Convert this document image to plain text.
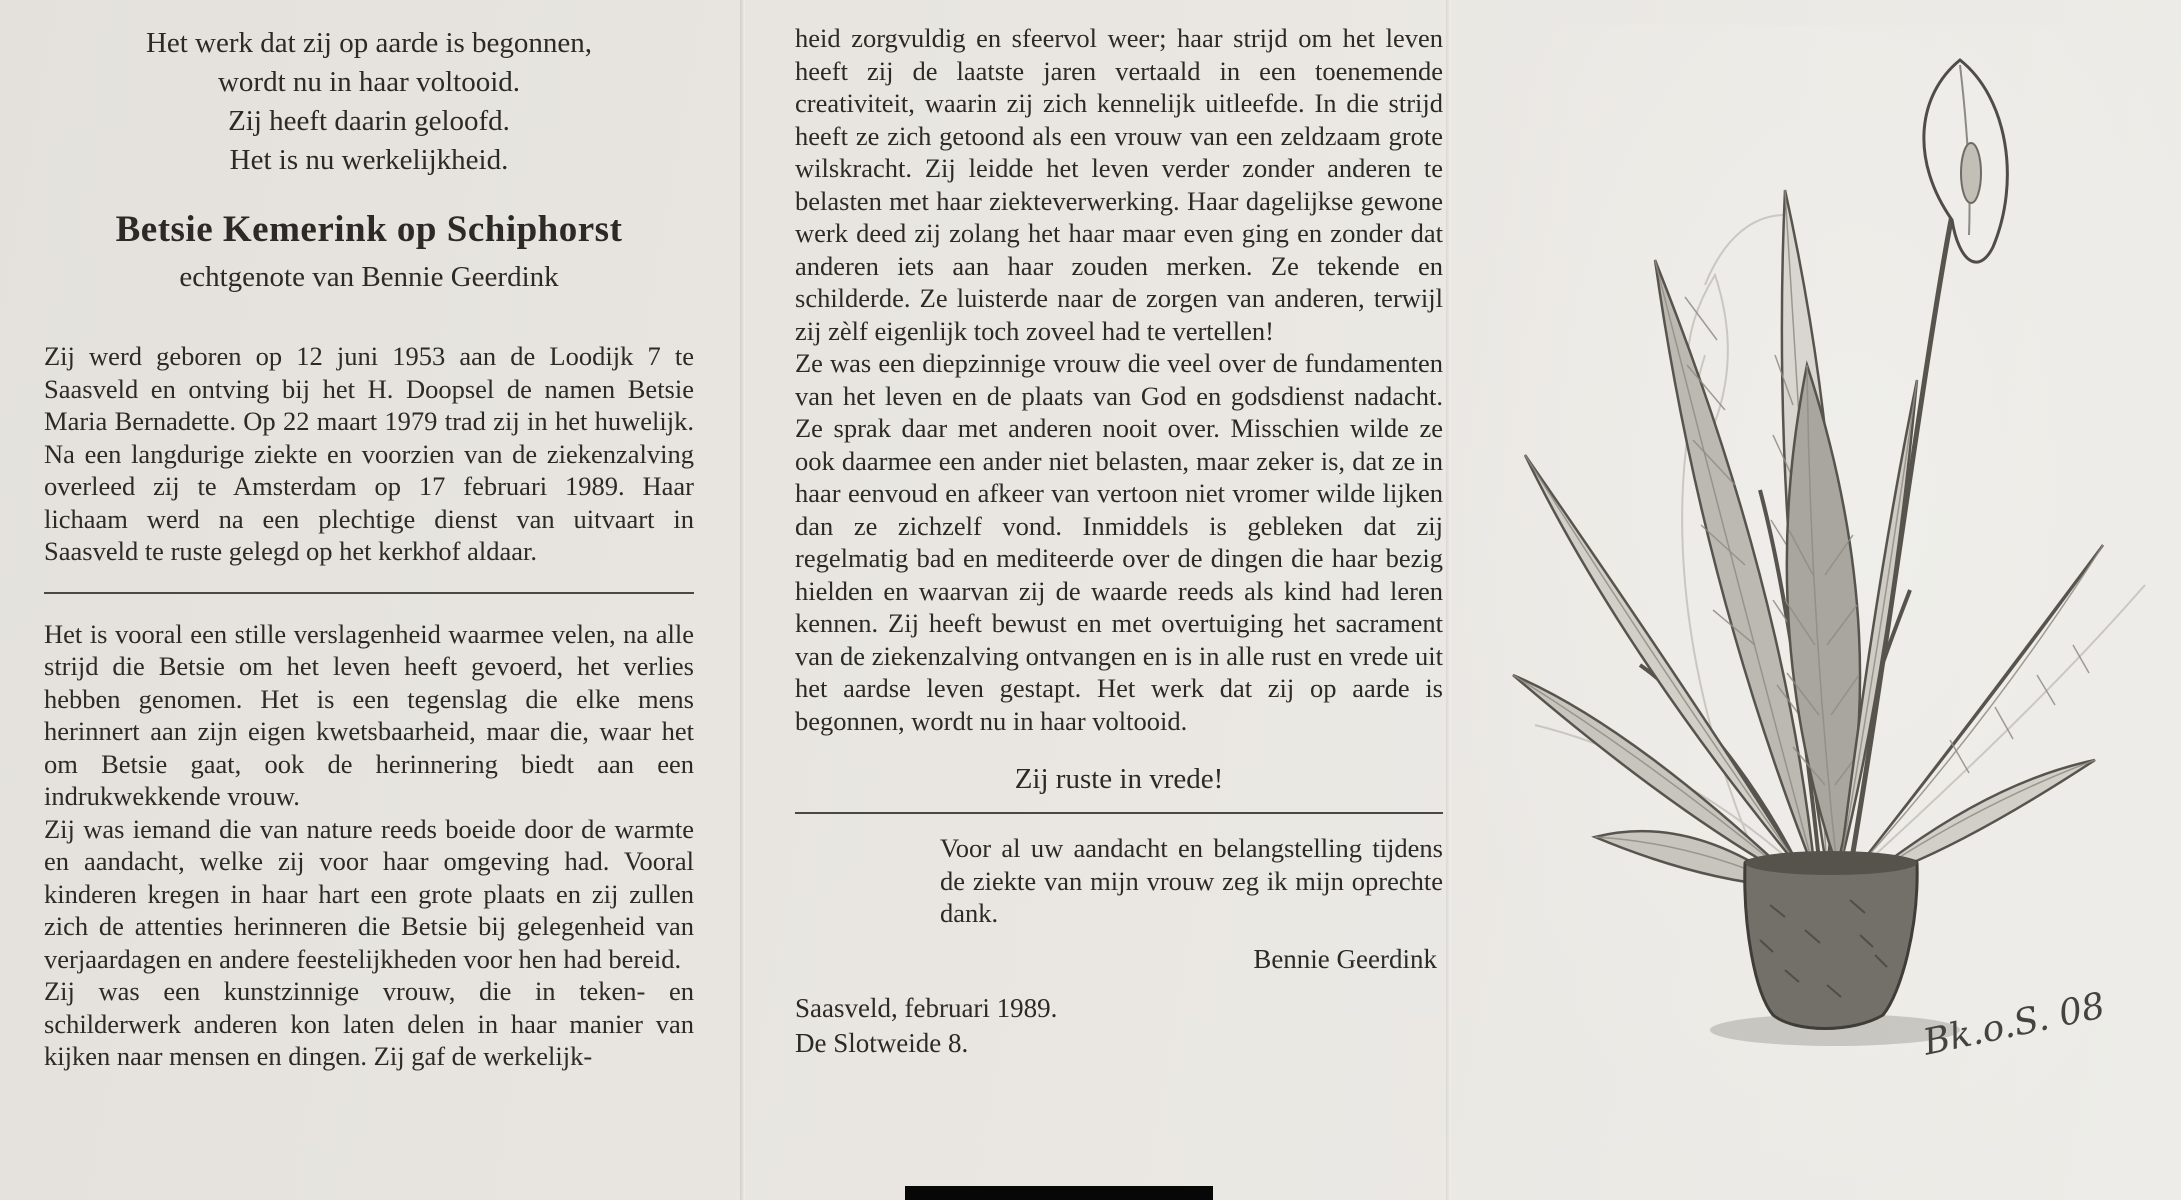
Het werk dat zij op aarde is begonnen,
wordt nu in haar voltooid.
Zij heeft daarin geloofd.
Het is nu werkelijkheid.
Betsie Kemerink op Schiphorst
echtgenote van Bennie Geerdink

Zij werd geboren op 12 juni 1953 aan de Loodijk 7 te Saasveld en ontving bij het H. Doopsel de namen Betsie Maria Bernadette. Op 22 maart 1979 trad zij in het huwelijk. Na een langdurige ziekte en voorzien van de ziekenzalving overleed zij te Amsterdam op 17 februari 1989. Haar lichaam werd na een plechtige dienst van uitvaart in Saasveld te ruste gelegd op het kerkhof aldaar.

Het is vooral een stille verslagenheid waarmee velen, na alle strijd die Betsie om het leven heeft gevoerd, het verlies hebben genomen. Het is een tegenslag die elke mens herinnert aan zijn eigen kwetsbaarheid, maar die, waar het om Betsie gaat, ook de herinnering biedt aan een indrukwekkende vrouw.

Zij was iemand die van nature reeds boeide door de warmte en aandacht, welke zij voor haar omgeving had. Vooral kinderen kregen in haar hart een grote plaats en zij zullen zich de attenties herinneren die Betsie bij gelegenheid van verjaardagen en andere feestelijkheden voor hen had bereid.

Zij was een kunstzinnige vrouw, die in teken- en schilderwerk anderen kon laten delen in haar manier van kijken naar mensen en dingen. Zij gaf de werkelijk-

heid zorgvuldig en sfeervol weer; haar strijd om het leven heeft zij de laatste jaren vertaald in een toenemende creativiteit, waarin zij zich kennelijk uitleefde. In die strijd heeft ze zich getoond als een vrouw van een zeldzaam grote wilskracht. Zij leidde het leven verder zonder anderen te belasten met haar ziekteverwerking. Haar dagelijkse gewone werk deed zij zolang het haar maar even ging en zonder dat anderen iets aan haar zouden merken. Ze tekende en schilderde. Ze luisterde naar de zorgen van anderen, terwijl zij zèlf eigenlijk toch zoveel had te vertellen!

Ze was een diepzinnige vrouw die veel over de fundamenten van het leven en de plaats van God en godsdienst nadacht. Ze sprak daar met anderen nooit over. Misschien wilde ze ook daarmee een ander niet belasten, maar zeker is, dat ze in haar eenvoud en afkeer van vertoon niet vromer wilde lijken dan ze zichzelf vond. Inmiddels is gebleken dat zij regelmatig bad en mediteerde over de dingen die haar bezig hielden en waarvan zij de waarde reeds als kind had leren kennen. Zij heeft bewust en met overtuiging het sacrament van de ziekenzalving ontvangen en is in alle rust en vrede uit het aardse leven gestapt. Het werk dat zij op aarde is begonnen, wordt nu in haar voltooid.

Zij ruste in vrede!

Voor al uw aandacht en belangstelling tijdens de ziekte van mijn vrouw zeg ik mijn oprechte dank.

Bennie Geerdink
Saasveld, februari 1989.
De Slotweide 8.	Bk.o.S. 08
